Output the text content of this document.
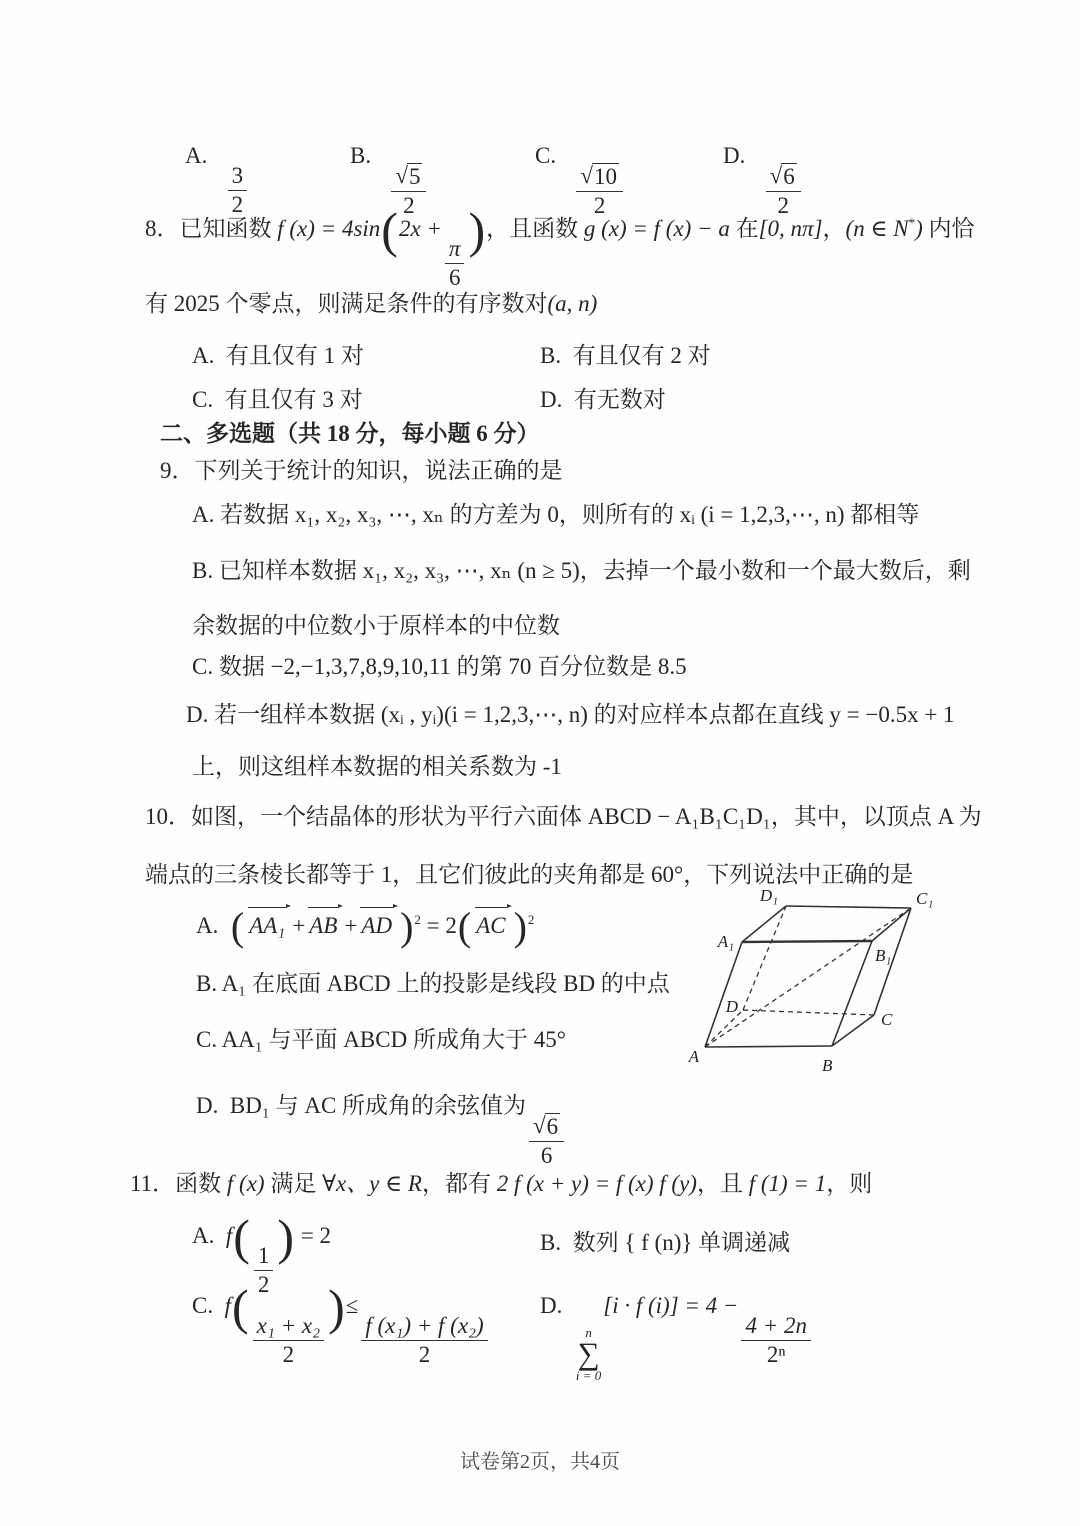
A.
$\frac{3}{2}$
B.
$\frac{√ 5}{2}$
C.
$\frac{√ 10}{2}$
D.
$\frac{√ 6}{2}$
8．已知函数 f (x) = 4sin(2x +
$\frac{\pi}{6}$
)，且函数 g (x) = f (x) − a 在[0, nπ]，(n ∈ N*) 内恰
有 2025 个零点，则满足条件的有序数对(a, n)
A. 有且仅有 1 对	B. 有且仅有 2 对
C. 有且仅有 3 对	D. 有无数对
二、多选题（共 18 分，每小题 6 分）
9．下列关于统计的知识，说法正确的是
A. 若数据 x₁, x₂, x₃, ⋯, xₙ 的方差为 0，则所有的 xᵢ (i = 1,2,3,⋯, n) 都相等
B. 已知样本数据 x₁, x₂, x₃, ⋯, xₙ (n ≥ 5)，去掉一个最小数和一个最大数后，剩
余数据的中位数小于原样本的中位数
C. 数据 −2,−1,3,7,8,9,10,11 的第 70 百分位数是 8.5
D. 若一组样本数据 (xᵢ , yᵢ)(i = 1,2,3,⋯, n) 的对应样本点都在直线 y = −0.5x + 1
上，则这组样本数据的相关系数为 -1
10．如图，一个结晶体的形状为平行六面体 ABCD − A₁B₁C₁D₁，其中，以顶点 A 为
端点的三条棱长都等于 1，且它们彼此的夹角都是 60°，下列说法中正确的是
A. ( AA₁ + AB + AD )$^2$ = 2( AC )$^2$
B. A₁ 在底面 ABCD 上的投影是线段 BD 的中点
C. AA₁ 与平面 ABCD 所成角大于 45°
D. BD₁ 与 AC 所成角的余弦值为
$\frac{√ 6}{6}$
D₁	C₁
A₁
B₁
D
C
A	B
11．函数 f (x) 满足 ∀x、y ∈ R，都有 2 f (x + y) = f (x) f (y)，且 f (1) = 1，则
A. f(
$\frac{1}{2}$
) = 2	B. 数列 { f (n)} 单调递减
C. f(
$\frac{\text{x₁ + x₂}}{2}$
)≤
$\frac{\text{f (x₁) + f (x₂)}}{2}$
D.
n
∑
i = 0
[i · f (i)] = 4 −
$\frac{4 + 2n}{\text{2ⁿ}}$
试卷第2页，共4页
